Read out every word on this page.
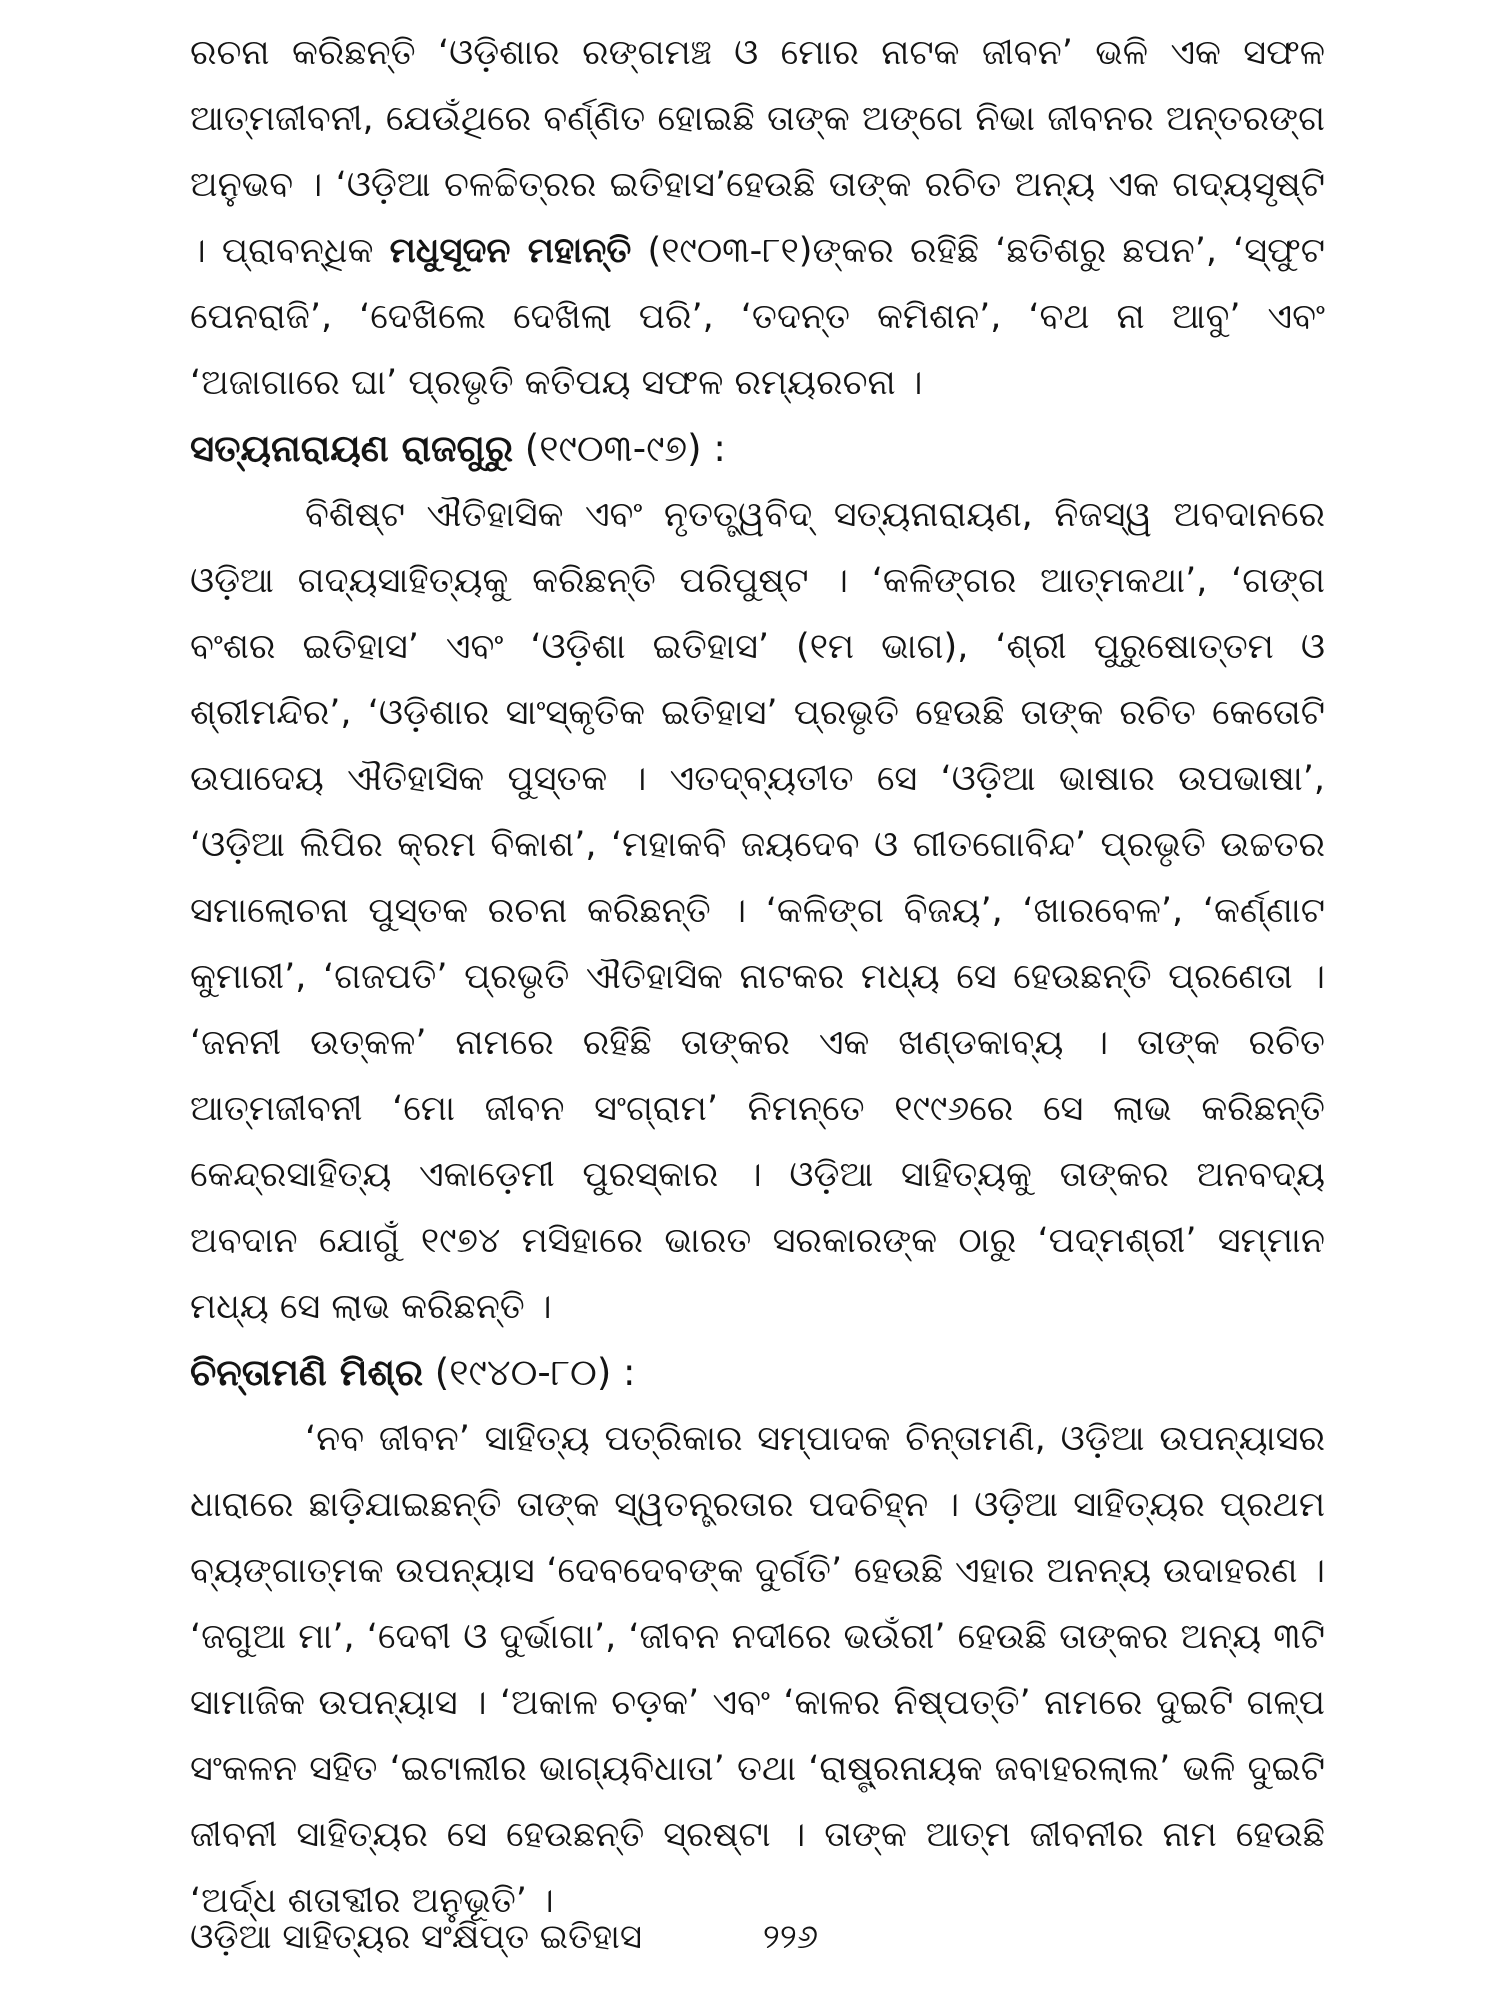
ରଚନା କରିଛନ୍ତି ‘ଓଡ଼ିଶାର ରଙ୍ଗମଞ୍ଚ ଓ ମୋର ନାଟକ ଜୀବନ’ ଭଳି ଏକ ସଫଳ ଆତ୍ମଜୀବନୀ, ଯେଉଁଥିରେ ବର୍ଣ୍ଣିତ ହୋଇଛି ତାଙ୍କ ଅଙ୍ଗେ ନିଭା ଜୀବନର ଅନ୍ତରଙ୍ଗ ଅନୁଭବ । ‘ଓଡ଼ିଆ ଚଳଚ୍ଚିତ୍ରର ଇତିହାସ’ହେଉଛି ତାଙ୍କ ରଚିତ ଅନ୍ୟ ଏକ ଗଦ୍ୟସୃଷ୍ଟି । ପ୍ରାବନ୍ଧିକ ମଧୁସୂଦନ ମହାନ୍ତି (୧୯୦୩-୮୧)ଙ୍କର ରହିଛି ‘ଛତିଶରୁ ଛପନ’, ‘ସ୍ଫୁଟ ପେନରାଜି’, ‘ଦେଖିଲେ ଦେଖିଲା ପରି’, ‘ତଦନ୍ତ କମିଶନ’, ‘ବଥ ନା ଆବୁ’ ଏବଂ ‘ଅଜାଗାରେ ଘା’ ପ୍ରଭୃତି କତିପୟ ସଫଳ ରମ୍ୟରଚନା ।

ସତ୍ୟନାରାୟଣ ରାଜଗୁରୁ (୧୯୦୩-୯୭) :

ବିଶିଷ୍ଟ ଐତିହାସିକ ଏବଂ ନୃତତ୍ତ୍ୱବିଦ୍ ସତ୍ୟନାରାୟଣ, ନିଜସ୍ୱ ଅବଦାନରେ ଓଡ଼ିଆ ଗଦ୍ୟସାହିତ୍ୟକୁ କରିଛନ୍ତି ପରିପୁଷ୍ଟ । ‘କଳିଙ୍ଗର ଆତ୍ମକଥା’, ‘ଗଙ୍ଗ ବଂଶର ଇତିହାସ’ ଏବଂ ‘ଓଡ଼ିଶା ଇତିହାସ’ (୧ମ ଭାଗ), ‘ଶ୍ରୀ ପୁରୁଷୋତ୍ତମ ଓ ଶ୍ରୀମନ୍ଦିର’, ‘ଓଡ଼ିଶାର ସାଂସ୍କୃତିକ ଇତିହାସ’ ପ୍ରଭୃତି ହେଉଛି ତାଙ୍କ ରଚିତ କେତୋଟି ଉପାଦେୟ ଐତିହାସିକ ପୁସ୍ତକ । ଏତଦ୍‌ବ୍ୟତୀତ ସେ ‘ଓଡ଼ିଆ ଭାଷାର ଉପଭାଷା’, ‘ଓଡ଼ିଆ ଲିପିର କ୍ରମ ବିକାଶ’, ‘ମହାକବି ଜୟଦେବ ଓ ଗୀତଗୋବିନ୍ଦ’ ପ୍ରଭୃତି ଉଚ୍ଚତର ସମାଲୋଚନା ପୁସ୍ତକ ରଚନା କରିଛନ୍ତି । ‘କଳିଙ୍ଗ ବିଜୟ’, ‘ଖାରବେଳ’, ‘କର୍ଣ୍ଣାଟ କୁମାରୀ’, ‘ଗଜପତି’ ପ୍ରଭୃତି ଐତିହାସିକ ନାଟକର ମଧ୍ୟ ସେ ହେଉଛନ୍ତି ପ୍ରଣେତା । ‘ଜନନୀ ଉତ୍କଳ’ ନାମରେ ରହିଛି ତାଙ୍କର ଏକ ଖଣ୍ଡକାବ୍ୟ । ତାଙ୍କ ରଚିତ ଆତ୍ମଜୀବନୀ ‘ମୋ ଜୀବନ ସଂଗ୍ରାମ’ ନିମନ୍ତେ ୧୯୯୬ରେ ସେ ଲାଭ କରିଛନ୍ତି କେନ୍ଦ୍ରସାହିତ୍ୟ ଏକାଡ଼େମୀ ପୁରସ୍କାର । ଓଡ଼ିଆ ସାହିତ୍ୟକୁ ତାଙ୍କର ଅନବଦ୍ୟ ଅବଦାନ ଯୋଗୁଁ ୧୯୭୪ ମସିହାରେ ଭାରତ ସରକାରଙ୍କ ଠାରୁ ‘ପଦ୍ମଶ୍ରୀ’ ସମ୍ମାନ ମଧ୍ୟ ସେ ଲାଭ କରିଛନ୍ତି ।

ଚିନ୍ତାମଣି ମିଶ୍ର (୧୯୪୦-୮୦) :

‘ନବ ଜୀବନ’ ସାହିତ୍ୟ ପତ୍ରିକାର ସମ୍ପାଦକ ଚିନ୍ତାମଣି, ଓଡ଼ିଆ ଉପନ୍ୟାସର ଧାରାରେ ଛାଡ଼ିଯାଇଛନ୍ତି ତାଙ୍କ ସ୍ୱତନ୍ତ୍ରତାର ପଦଚିହ୍ନ । ଓଡ଼ିଆ ସାହିତ୍ୟର ପ୍ରଥମ ବ୍ୟଙ୍ଗାତ୍ମକ ଉପନ୍ୟାସ ‘ଦେବଦେବଙ୍କ ଦୁର୍ଗତି’ ହେଉଛି ଏହାର ଅନନ୍ୟ ଉଦାହରଣ । ‘ଜଗୁଆ ମା’, ‘ଦେବୀ ଓ ଦୁର୍ଭାଗା’, ‘ଜୀବନ ନଦୀରେ ଭଉଁରୀ’ ହେଉଛି ତାଙ୍କର ଅନ୍ୟ ୩ଟି ସାମାଜିକ ଉପନ୍ୟାସ । ‘ଅକାଳ ଚଡ଼କ’ ଏବଂ ‘କାଳର ନିଷ୍ପତ୍ତି’ ନାମରେ ଦୁଇଟି ଗଳ୍ପ ସଂକଳନ ସହିତ ‘ଇଟାଲୀର ଭାଗ୍ୟବିଧାତା’ ତଥା ‘ରାଷ୍ଟ୍ରନାୟକ ଜବାହରଲାଲ’ ଭଳି ଦୁଇଟି ଜୀବନୀ ସାହିତ୍ୟର ସେ ହେଉଛନ୍ତି ସ୍ରଷ୍ଟା । ତାଙ୍କ ଆତ୍ମ ଜୀବନୀର ନାମ ହେଉଛି ‘ଅର୍ଦ୍ଧ ଶତାବ୍ଦୀର ଅନୁଭୂତି’ ।

ଓଡ଼ିଆ ସାହିତ୍ୟର ସଂକ୍ଷିପ୍ତ ଇତିହାସ	୨୨୬
